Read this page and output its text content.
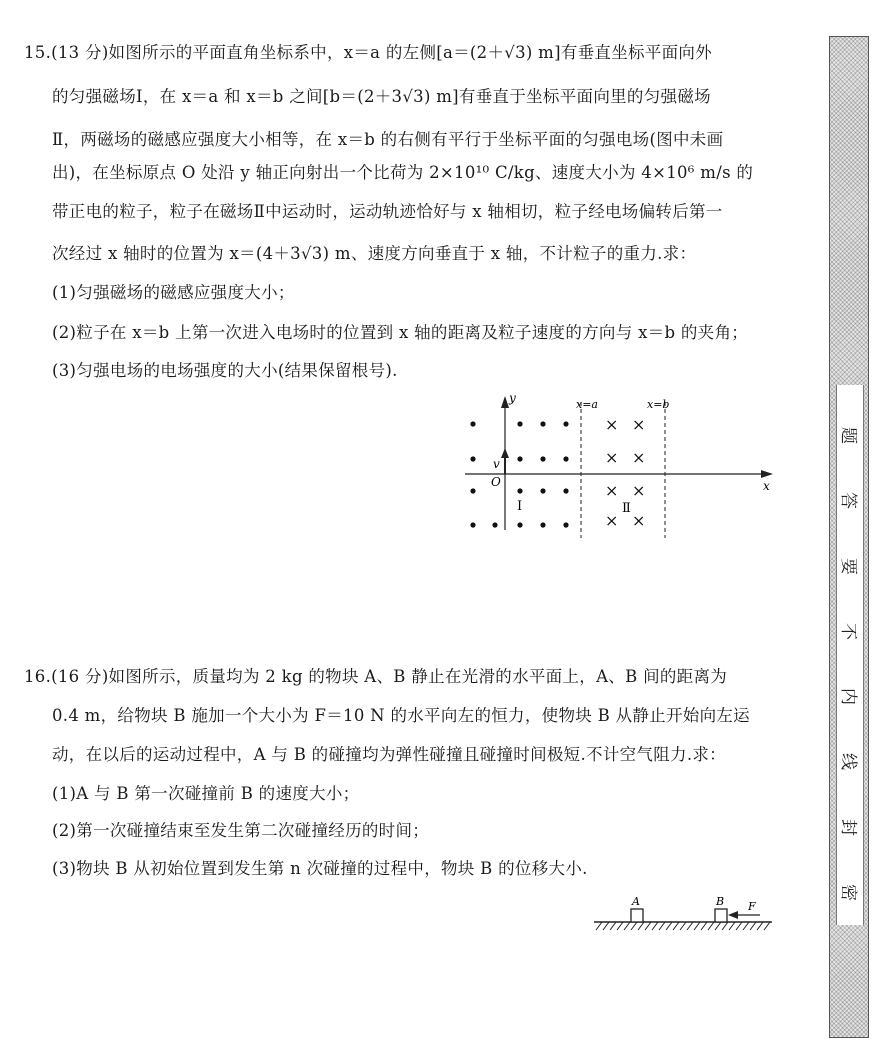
15.(13 分)如图所示的平面直角坐标系中，x＝a 的左侧[a＝(2＋√3) m]有垂直坐标平面向外
的匀强磁场Ⅰ，在 x＝a 和 x＝b 之间[b＝(2＋3√3) m]有垂直于坐标平面向里的匀强磁场
Ⅱ，两磁场的磁感应强度大小相等，在 x＝b 的右侧有平行于坐标平面的匀强电场(图中未画
出)，在坐标原点 O 处沿 y 轴正向射出一个比荷为 2×10¹⁰ C/kg、速度大小为 4×10⁶ m/s 的
带正电的粒子，粒子在磁场Ⅱ中运动时，运动轨迹恰好与 x 轴相切，粒子经电场偏转后第一
次经过 x 轴时的位置为 x＝(4＋3√3) m、速度方向垂直于 x 轴，不计粒子的重力.求：
(1)匀强磁场的磁感应强度大小；
(2)粒子在 x＝b 上第一次进入电场时的位置到 x 轴的距离及粒子速度的方向与 x＝b 的夹角；
(3)匀强电场的电场强度的大小(结果保留根号).
× ×
× ×
× ×
× ×
y
x
O
v
x=a	x=b
Ⅰ	Ⅱ
16.(16 分)如图所示，质量均为 2 kg 的物块 A、B 静止在光滑的水平面上，A、B 间的距离为
0.4 m，给物块 B 施加一个大小为 F＝10 N 的水平向左的恒力，使物块 B 从静止开始向左运
动，在以后的运动过程中，A 与 B 的碰撞均为弹性碰撞且碰撞时间极短.不计空气阻力.求：
(1)A 与 B 第一次碰撞前 B 的速度大小；
(2)第一次碰撞结束至发生第二次碰撞经历的时间；
(3)物块 B 从初始位置到发生第 n 次碰撞的过程中，物块 B 的位移大小.
A	B F
题
答
要
不
内
线
封
密
